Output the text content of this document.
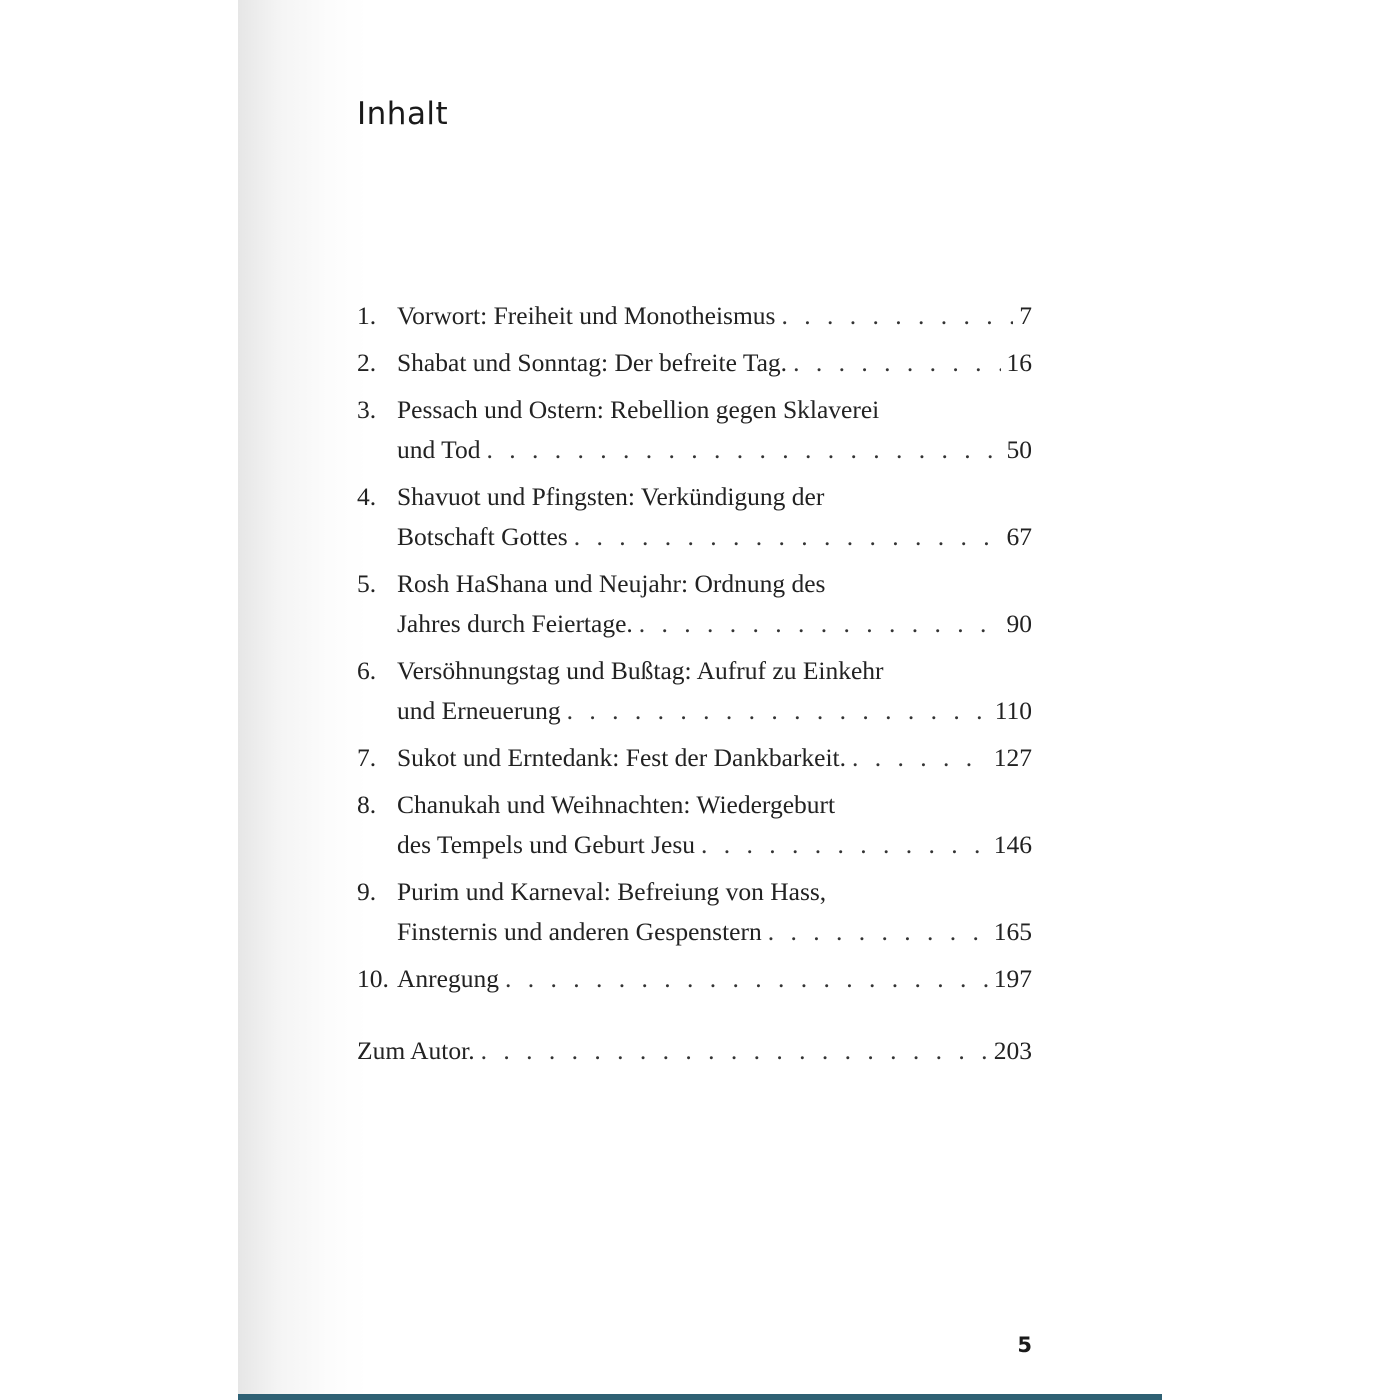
Inhalt
1. Vorwort: Freiheit und Monotheismus . . .	7
2. Shabat und Sonntag: Der befreite Tag. . . .	16
3. Pessach und Ostern: Rebellion gegen Sklaverei
und Tod . . .	50
4. Shavuot und Pfingsten: Verkündigung der
Botschaft Gottes . . .	67
5. Rosh HaShana und Neujahr: Ordnung des
Jahres durch Feiertage. . . .	90
6. Versöhnungstag und Bußtag: Aufruf zu Einkehr
und Erneuerung . . .	110
7. Sukot und Erntedank: Fest der Dankbarkeit. . . .	127
8. Chanukah und Weihnachten: Wiedergeburt
des Tempels und Geburt Jesu . . .	146
9. Purim und Karneval: Befreiung von Hass,
Finsternis und anderen Gespenstern . . .	165
10. Anregung . . .	197
Zum Autor. . . .	203
5
